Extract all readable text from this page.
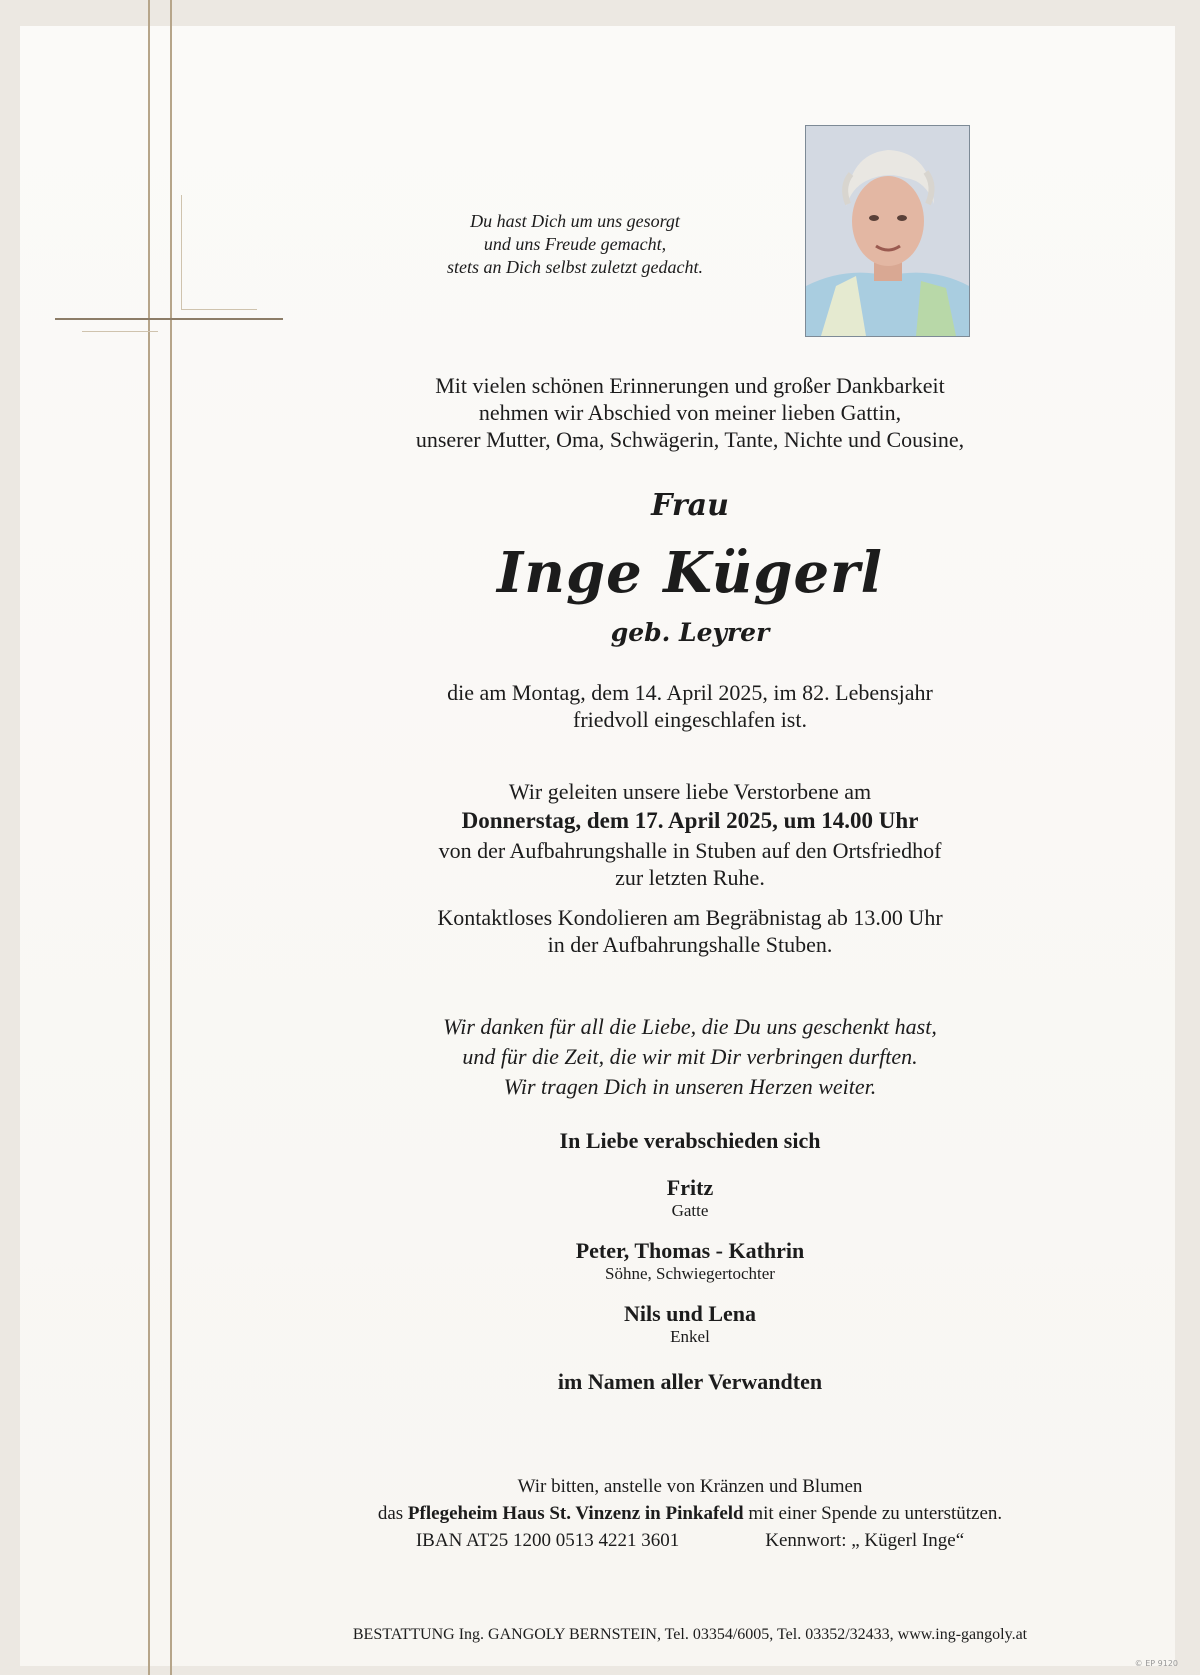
Du hast Dich um uns gesorgt
und uns Freude gemacht,
stets an Dich selbst zuletzt gedacht.
Mit vielen schönen Erinnerungen und großer Dankbarkeit
nehmen wir Abschied von meiner lieben Gattin,
unserer Mutter, Oma, Schwägerin, Tante, Nichte und Cousine,
Frau
Inge Kügerl
geb. Leyrer
die am Montag, dem 14. April 2025, im 82. Lebensjahr
friedvoll eingeschlafen ist.
Wir geleiten unsere liebe Verstorbene am
Donnerstag, dem 17. April 2025, um 14.00 Uhr
von der Aufbahrungshalle in Stuben auf den Ortsfriedhof
zur letzten Ruhe.
Kontaktloses Kondolieren am Begräbnistag ab 13.00 Uhr
in der Aufbahrungshalle Stuben.
Wir danken für all die Liebe, die Du uns geschenkt hast,
und für die Zeit, die wir mit Dir verbringen durften.
Wir tragen Dich in unseren Herzen weiter.
In Liebe verabschieden sich
Fritz
Gatte
Peter, Thomas - Kathrin
Söhne, Schwiegertochter
Nils und Lena
Enkel
im Namen aller Verwandten
Wir bitten, anstelle von Kränzen und Blumen
das Pflegeheim Haus St. Vinzenz in Pinkafeld mit einer Spende zu unterstützen.
IBAN AT25 1200 0513 4221 3601	Kennwort: „ Kügerl Inge“
BESTATTUNG Ing. GANGOLY BERNSTEIN, Tel. 03354/6005, Tel. 03352/32433, www.ing-gangoly.at
© EP 9120
